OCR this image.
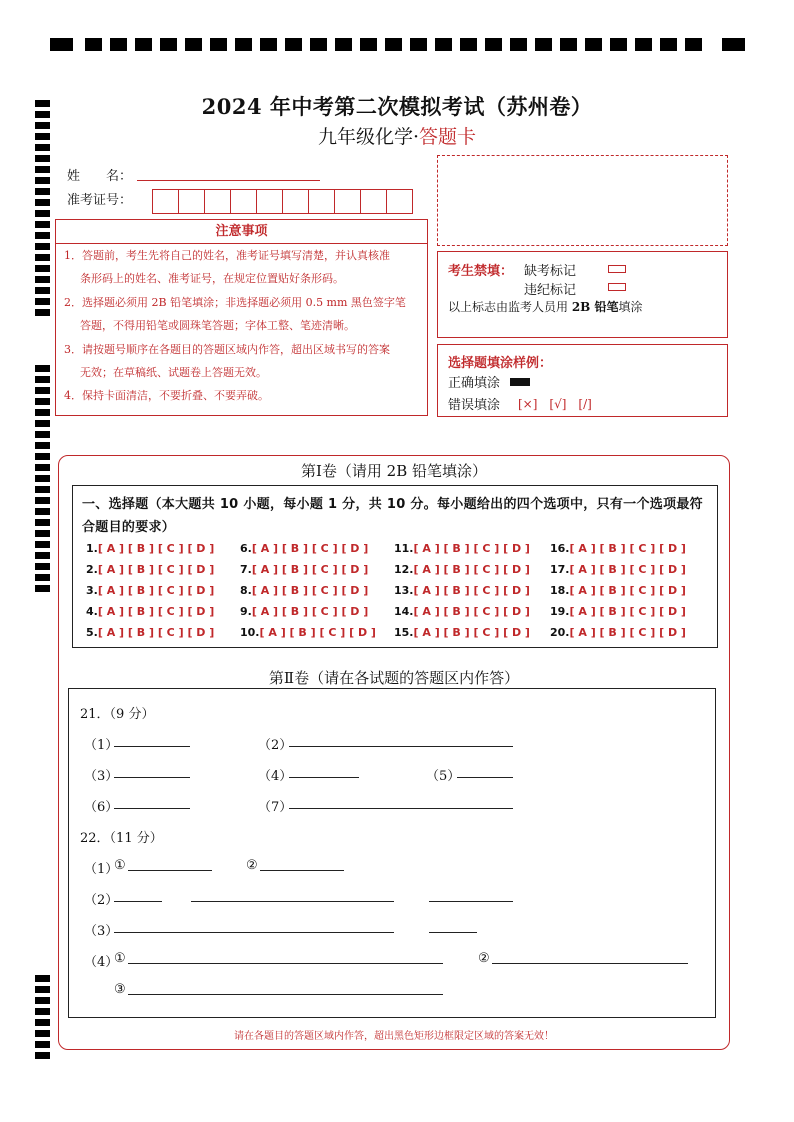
2024 年中考第二次模拟考试（苏州卷）
九年级化学·答题卡
姓　　名：
准考证号：
注意事项
1．答题前，考生先将自己的姓名，准考证号填写清楚，并认真核准
条形码上的姓名、准考证号，在规定位置贴好条形码。
2．选择题必须用 2B 铅笔填涂；非选择题必须用 0.5 mm 黑色签字笔
答题，不得用铅笔或圆珠笔答题；字体工整、笔迹清晰。
3．请按题号顺序在各题目的答题区域内作答，超出区域书写的答案
无效；在草稿纸、试题卷上答题无效。
4．保持卡面清洁，不要折叠、不要弄破。
考生禁填： 缺考标记
违纪标记
以上标志由监考人员用 2B 铅笔填涂
选择题填涂样例：
正确填涂
错误填涂 [×]　[√]　[/]
第Ⅰ卷（请用 2B 铅笔填涂）
一、选择题（本大题共 10 小题，每小题 1 分，共 10 分。每小题给出的四个选项中，只有一个选项最符
合题目的要求）
1.[ A ] [ B ] [ C ] [ D ]
2.[ A ] [ B ] [ C ] [ D ]
3.[ A ] [ B ] [ C ] [ D ]
4.[ A ] [ B ] [ C ] [ D ]
5.[ A ] [ B ] [ C ] [ D ]
6.[ A ] [ B ] [ C ] [ D ]
7.[ A ] [ B ] [ C ] [ D ]
8.[ A ] [ B ] [ C ] [ D ]
9.[ A ] [ B ] [ C ] [ D ]
10.[ A ] [ B ] [ C ] [ D ]
11.[ A ] [ B ] [ C ] [ D ]
12.[ A ] [ B ] [ C ] [ D ]
13.[ A ] [ B ] [ C ] [ D ]
14.[ A ] [ B ] [ C ] [ D ]
15.[ A ] [ B ] [ C ] [ D ]
16.[ A ] [ B ] [ C ] [ D ]
17.[ A ] [ B ] [ C ] [ D ]
18.[ A ] [ B ] [ C ] [ D ]
19.[ A ] [ B ] [ C ] [ D ]
20.[ A ] [ B ] [ C ] [ D ]
第Ⅱ卷（请在各试题的答题区内作答）
21．（9 分）
（1）	（2）
（3）	（4）	（5）
（6）	（7）
22．（11 分）
（1）
①	②
（2）
（3）
（4）
①	②
③
请在各题目的答题区域内作答，超出黑色矩形边框限定区域的答案无效！
